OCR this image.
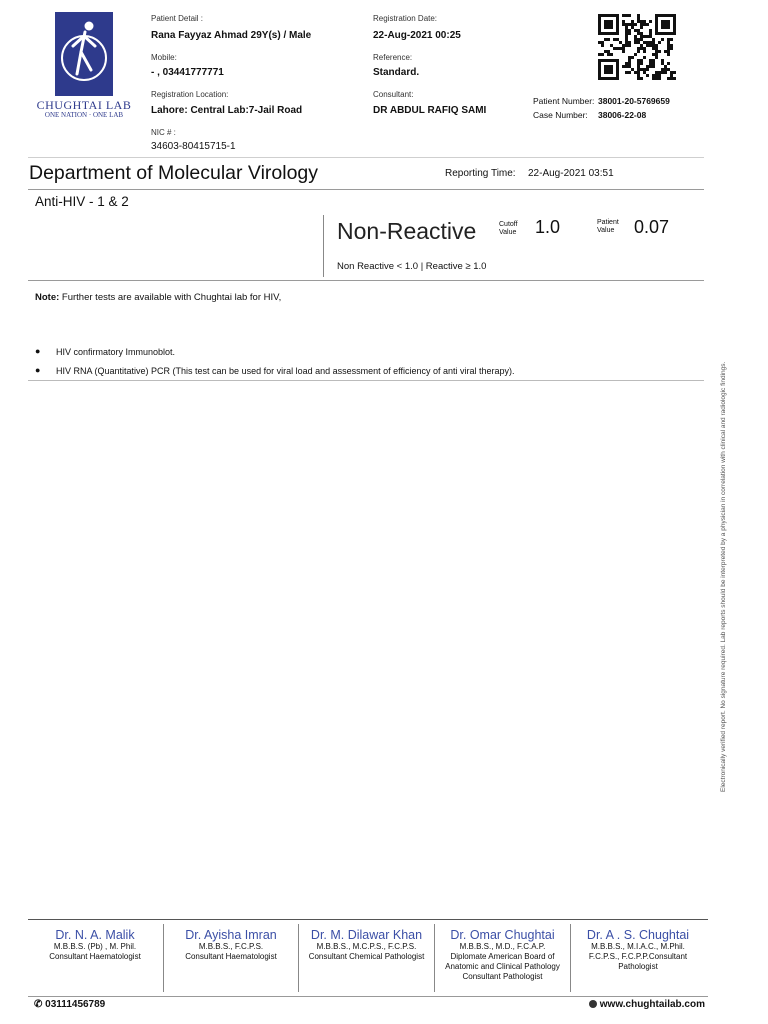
CHUGHTAI LAB
ONE NATION · ONE LAB
Patient Detail :
Rana Fayyaz Ahmad 29Y(s) / Male
Mobile:
- , 03441777771
Registration Location:
Lahore: Central Lab:7-Jail Road
NIC # :
34603-80415715-1
Registration Date:
22-Aug-2021 00:25
Reference:
Standard.
Consultant:
DR ABDUL RAFIQ SAMI
Patient Number: 38001-20-5769659
Case Number: 38006-22-08
Department of Molecular Virology	Reporting Time: 22-Aug-2021 03:51
Anti-HIV - 1 & 2
Non-Reactive	Cutoff
Value 1.0	Patient
Value 0.07
Non Reactive < 1.0 | Reactive ≥ 1.0
Note: Further tests are available with Chughtai lab for HIV,
● HIV confirmatory Immunoblot.
● HIV RNA (Quantitative) PCR (This test can be used for viral load and assessment of efficiency of anti viral therapy).	Electronically verified report. No signature required. Lab reports should be interpreted by a physician in correlation with clinical and radiologic findings.
Dr. N. A. Malik
M.B.B.S. (Pb) , M. Phil.
Consultant Haematologist
Dr. Ayisha Imran
M.B.B.S., F.C.P.S.
Consultant Haematologist
Dr. M. Dilawar Khan
M.B.B.S., M.C.P.S., F.C.P.S.
Consultant Chemical Pathologist
Dr. Omar Chughtai
M.B.B.S., M.D., F.C.A.P.
Diplomate American Board of
Anatomic and Clinical Pathology
Consultant Pathologist
Dr. A . S. Chughtai
M.B.B.S., M.I.A.C., M.Phil.
F.C.P.S., F.C.P.P.Consultant
Pathologist
✆ 03111456789	www.chughtailab.com
